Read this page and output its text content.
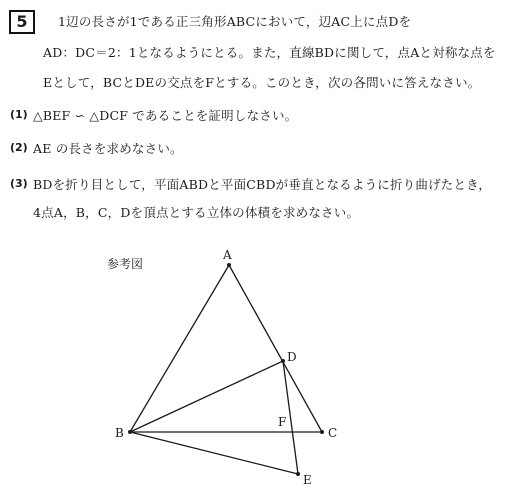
5	1辺の長さが1である正三角形ABCにおいて，辺AC上に点Dを
AD：DC＝2：1となるようにとる。また，直線BDに関して，点Aと対称な点を
Eとして，BCとDEの交点をFとする。このとき，次の各問いに答えなさい。
(1) △BEF ∽ △DCF であることを証明しなさい。
(2) AE の長さを求めなさい。
(3) BDを折り目として，平面ABDと平面CBDが垂直となるように折り曲げたとき，
4点A，B，C，Dを頂点とする立体の体積を求めなさい。
参考図
A
B	C
D
E
F
